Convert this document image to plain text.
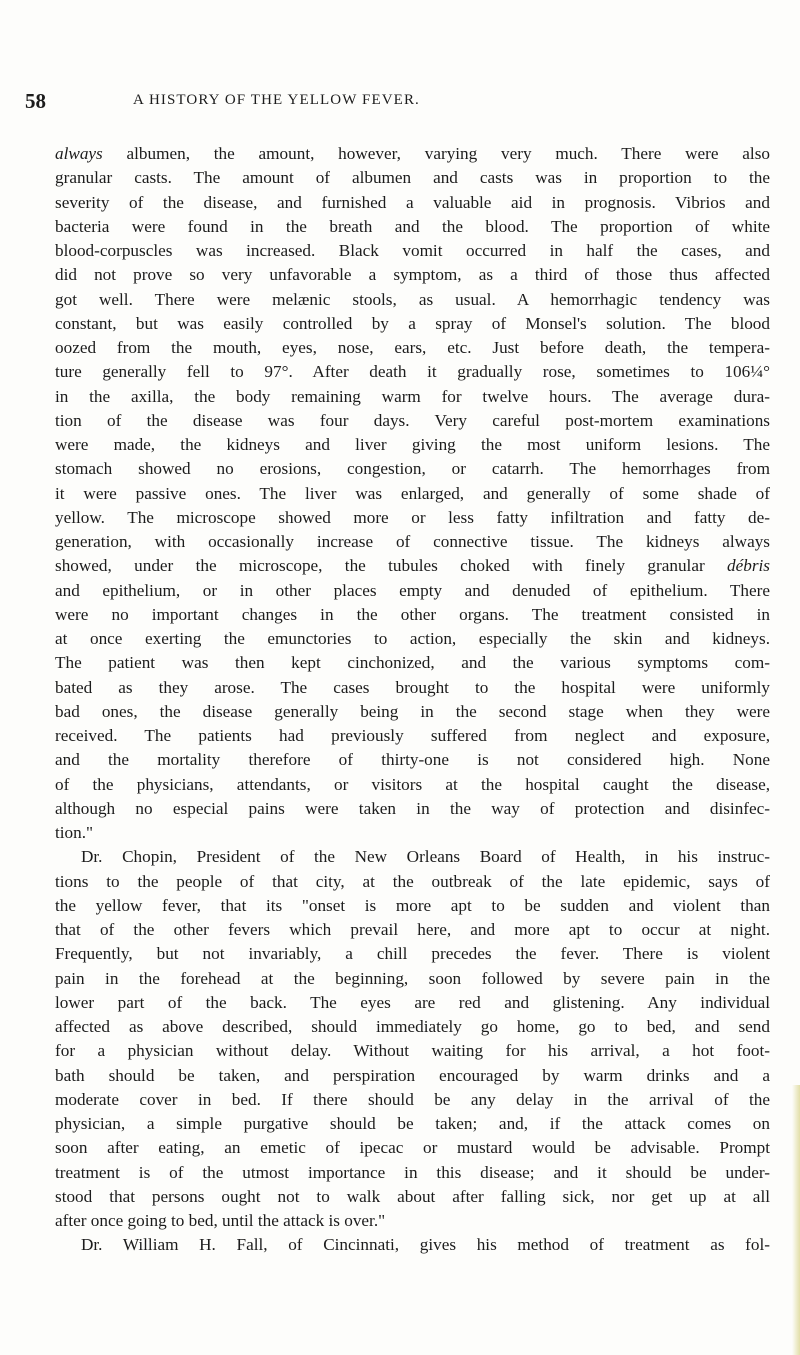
58	A HISTORY OF THE YELLOW FEVER.
always albumen, the amount, however, varying very much. There were also
granular casts. The amount of albumen and casts was in proportion to the
severity of the disease, and furnished a valuable aid in prognosis. Vibrios and
bacteria were found in the breath and the blood. The proportion of white
blood-corpuscles was increased. Black vomit occurred in half the cases, and
did not prove so very unfavorable a symptom, as a third of those thus affected
got well. There were melænic stools, as usual. A hemorrhagic tendency was
constant, but was easily controlled by a spray of Monsel's solution. The blood
oozed from the mouth, eyes, nose, ears, etc. Just before death, the tempera-
ture generally fell to 97°. After death it gradually rose, sometimes to 106¼°
in the axilla, the body remaining warm for twelve hours. The average dura-
tion of the disease was four days. Very careful post-mortem examinations
were made, the kidneys and liver giving the most uniform lesions. The
stomach showed no erosions, congestion, or catarrh. The hemorrhages from
it were passive ones. The liver was enlarged, and generally of some shade of
yellow. The microscope showed more or less fatty infiltration and fatty de-
generation, with occasionally increase of connective tissue. The kidneys always
showed, under the microscope, the tubules choked with finely granular débris
and epithelium, or in other places empty and denuded of epithelium. There
were no important changes in the other organs. The treatment consisted in
at once exerting the emunctories to action, especially the skin and kidneys.
The patient was then kept cinchonized, and the various symptoms com-
bated as they arose. The cases brought to the hospital were uniformly
bad ones, the disease generally being in the second stage when they were
received. The patients had previously suffered from neglect and exposure,
and the mortality therefore of thirty-one is not considered high. None
of the physicians, attendants, or visitors at the hospital caught the disease,
although no especial pains were taken in the way of protection and disinfec-
tion."
Dr. Chopin, President of the New Orleans Board of Health, in his instruc-
tions to the people of that city, at the outbreak of the late epidemic, says of
the yellow fever, that its "onset is more apt to be sudden and violent than
that of the other fevers which prevail here, and more apt to occur at night.
Frequently, but not invariably, a chill precedes the fever. There is violent
pain in the forehead at the beginning, soon followed by severe pain in the
lower part of the back. The eyes are red and glistening. Any individual
affected as above described, should immediately go home, go to bed, and send
for a physician without delay. Without waiting for his arrival, a hot foot-
bath should be taken, and perspiration encouraged by warm drinks and a
moderate cover in bed. If there should be any delay in the arrival of the
physician, a simple purgative should be taken; and, if the attack comes on
soon after eating, an emetic of ipecac or mustard would be advisable. Prompt
treatment is of the utmost importance in this disease; and it should be under-
stood that persons ought not to walk about after falling sick, nor get up at all
after once going to bed, until the attack is over."
Dr. William H. Fall, of Cincinnati, gives his method of treatment as fol-
